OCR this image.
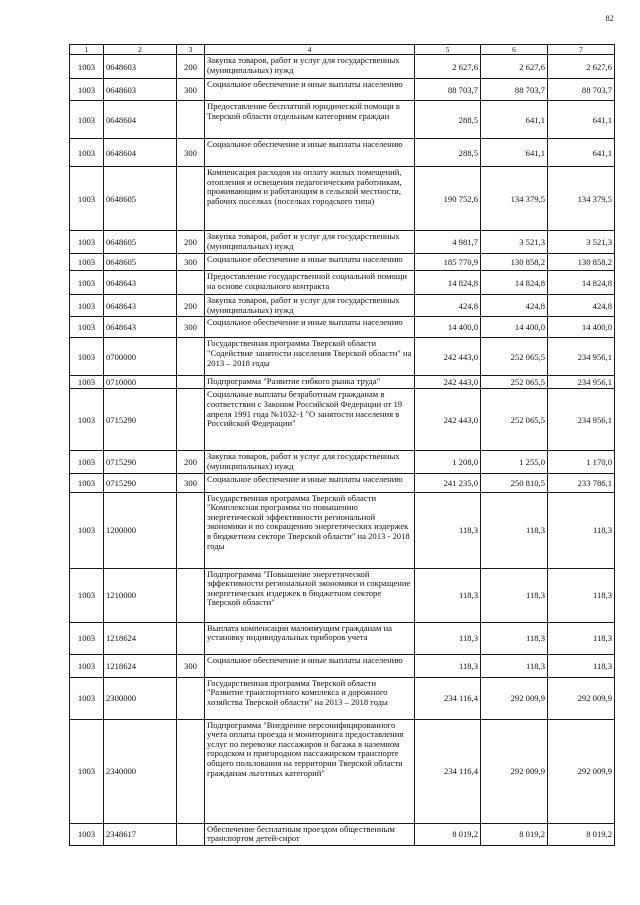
82
1	2	3	4	5	6	7
1003	0648603	200	Закупка товаров, работ и услуг для государственных (муниципальных) нужд	2 627,6	2 627,6	2 627,6
1003	0648603	300	Социальное обеспечение и иные выплаты населению	88 703,7	88 703,7	88 703,7
1003	0648604		Предоставление бесплатной юридической помощи в Тверской области отдельным категориям граждан	288,5	641,1	641,1
1003	0648604	300	Социальное обеспечение и иные выплаты населению	288,5	641,1	641,1
1003	0648605		Компенсация расходов на оплату жилых помещений, отопления и освещения педагогическим работникам, проживающим и работающим в сельской местности, рабочих поселках (поселках городского типа)	190 752,6	134 379,5	134 379,5
1003	0648605	200	Закупка товаров, работ и услуг для государственных (муниципальных) нужд	4 981,7	3 521,3	3 521,3
1003	0648605	300	Социальное обеспечение и иные выплаты населению	185 770,9	130 858,2	130 858,2
1003	0648643		Предоставление государственной социальной помощи на основе социального контракта	14 824,8	14 824,8	14 824,8
1003	0648643	200	Закупка товаров, работ и услуг для государственных (муниципальных) нужд	424,8	424,8	424,8
1003	0648643	300	Социальное обеспечение и иные выплаты населению	14 400,0	14 400,0	14 400,0
1003	0700000		Государственная программа Тверской области "Содействие занятости населения Тверской области" на 2013 – 2018 годы	242 443,0	252 065,5	234 956,1
1003	0710000		Подпрограмма "Развитие гибкого рынка труда"	242 443,0	252 065,5	234 956,1
1003	0715290		Социальные выплаты безработным гражданам в соответствии с Законом Российской Федерации от 19 апреля 1991 года №1032-1 "О занятости населения в Российской Федерации"	242 443,0	252 065,5	234 956,1
1003	0715290	200	Закупка товаров, работ и услуг для государственных (муниципальных) нужд	1 208,0	1 255,0	1 170,0
1003	0715290	300	Социальное обеспечение и иные выплаты населению	241 235,0	250 810,5	233 786,1
1003	1200000		Государственная программа Тверской области "Комплексная программа по повышению энергетической эффективности региональной экономики и по сокращению энергетических издержек в бюджетном секторе Тверской области" на 2013 - 2018 годы	118,3	118,3	118,3
1003	1210000		Подпрограмма "Повышение энергетической эффективности региональной экономики и сокращение энергетических издержек в бюджетном секторе Тверской области"	118,3	118,3	118,3
1003	1218624		Выплата компенсации малоимущим гражданам на установку индивидуальных приборов учета	118,3	118,3	118,3
1003	1218624	300	Социальное обеспечение и иные выплаты населению	118,3	118,3	118,3
1003	2300000		Государственная программа Тверской области "Развитие транспортного комплекса и дорожного хозяйства Тверской области" на 2013 – 2018 годы	234 116,4	292 009,9	292 009,9
1003	2340000		Подпрограмма "Внедрение персонифицированного учета оплаты проезда и мониторинга предоставления услуг по перевозке пассажиров и багажа в наземном городском и пригородном пассажирском транспорте общего пользования на территории Тверской области гражданам льготных категорий"	234 116,4	292 009,9	292 009,9
1003	2348617		Обеспечение бесплатным проездом общественным транспортом детей-сирот	8 019,2	8 019,2	8 019,2
